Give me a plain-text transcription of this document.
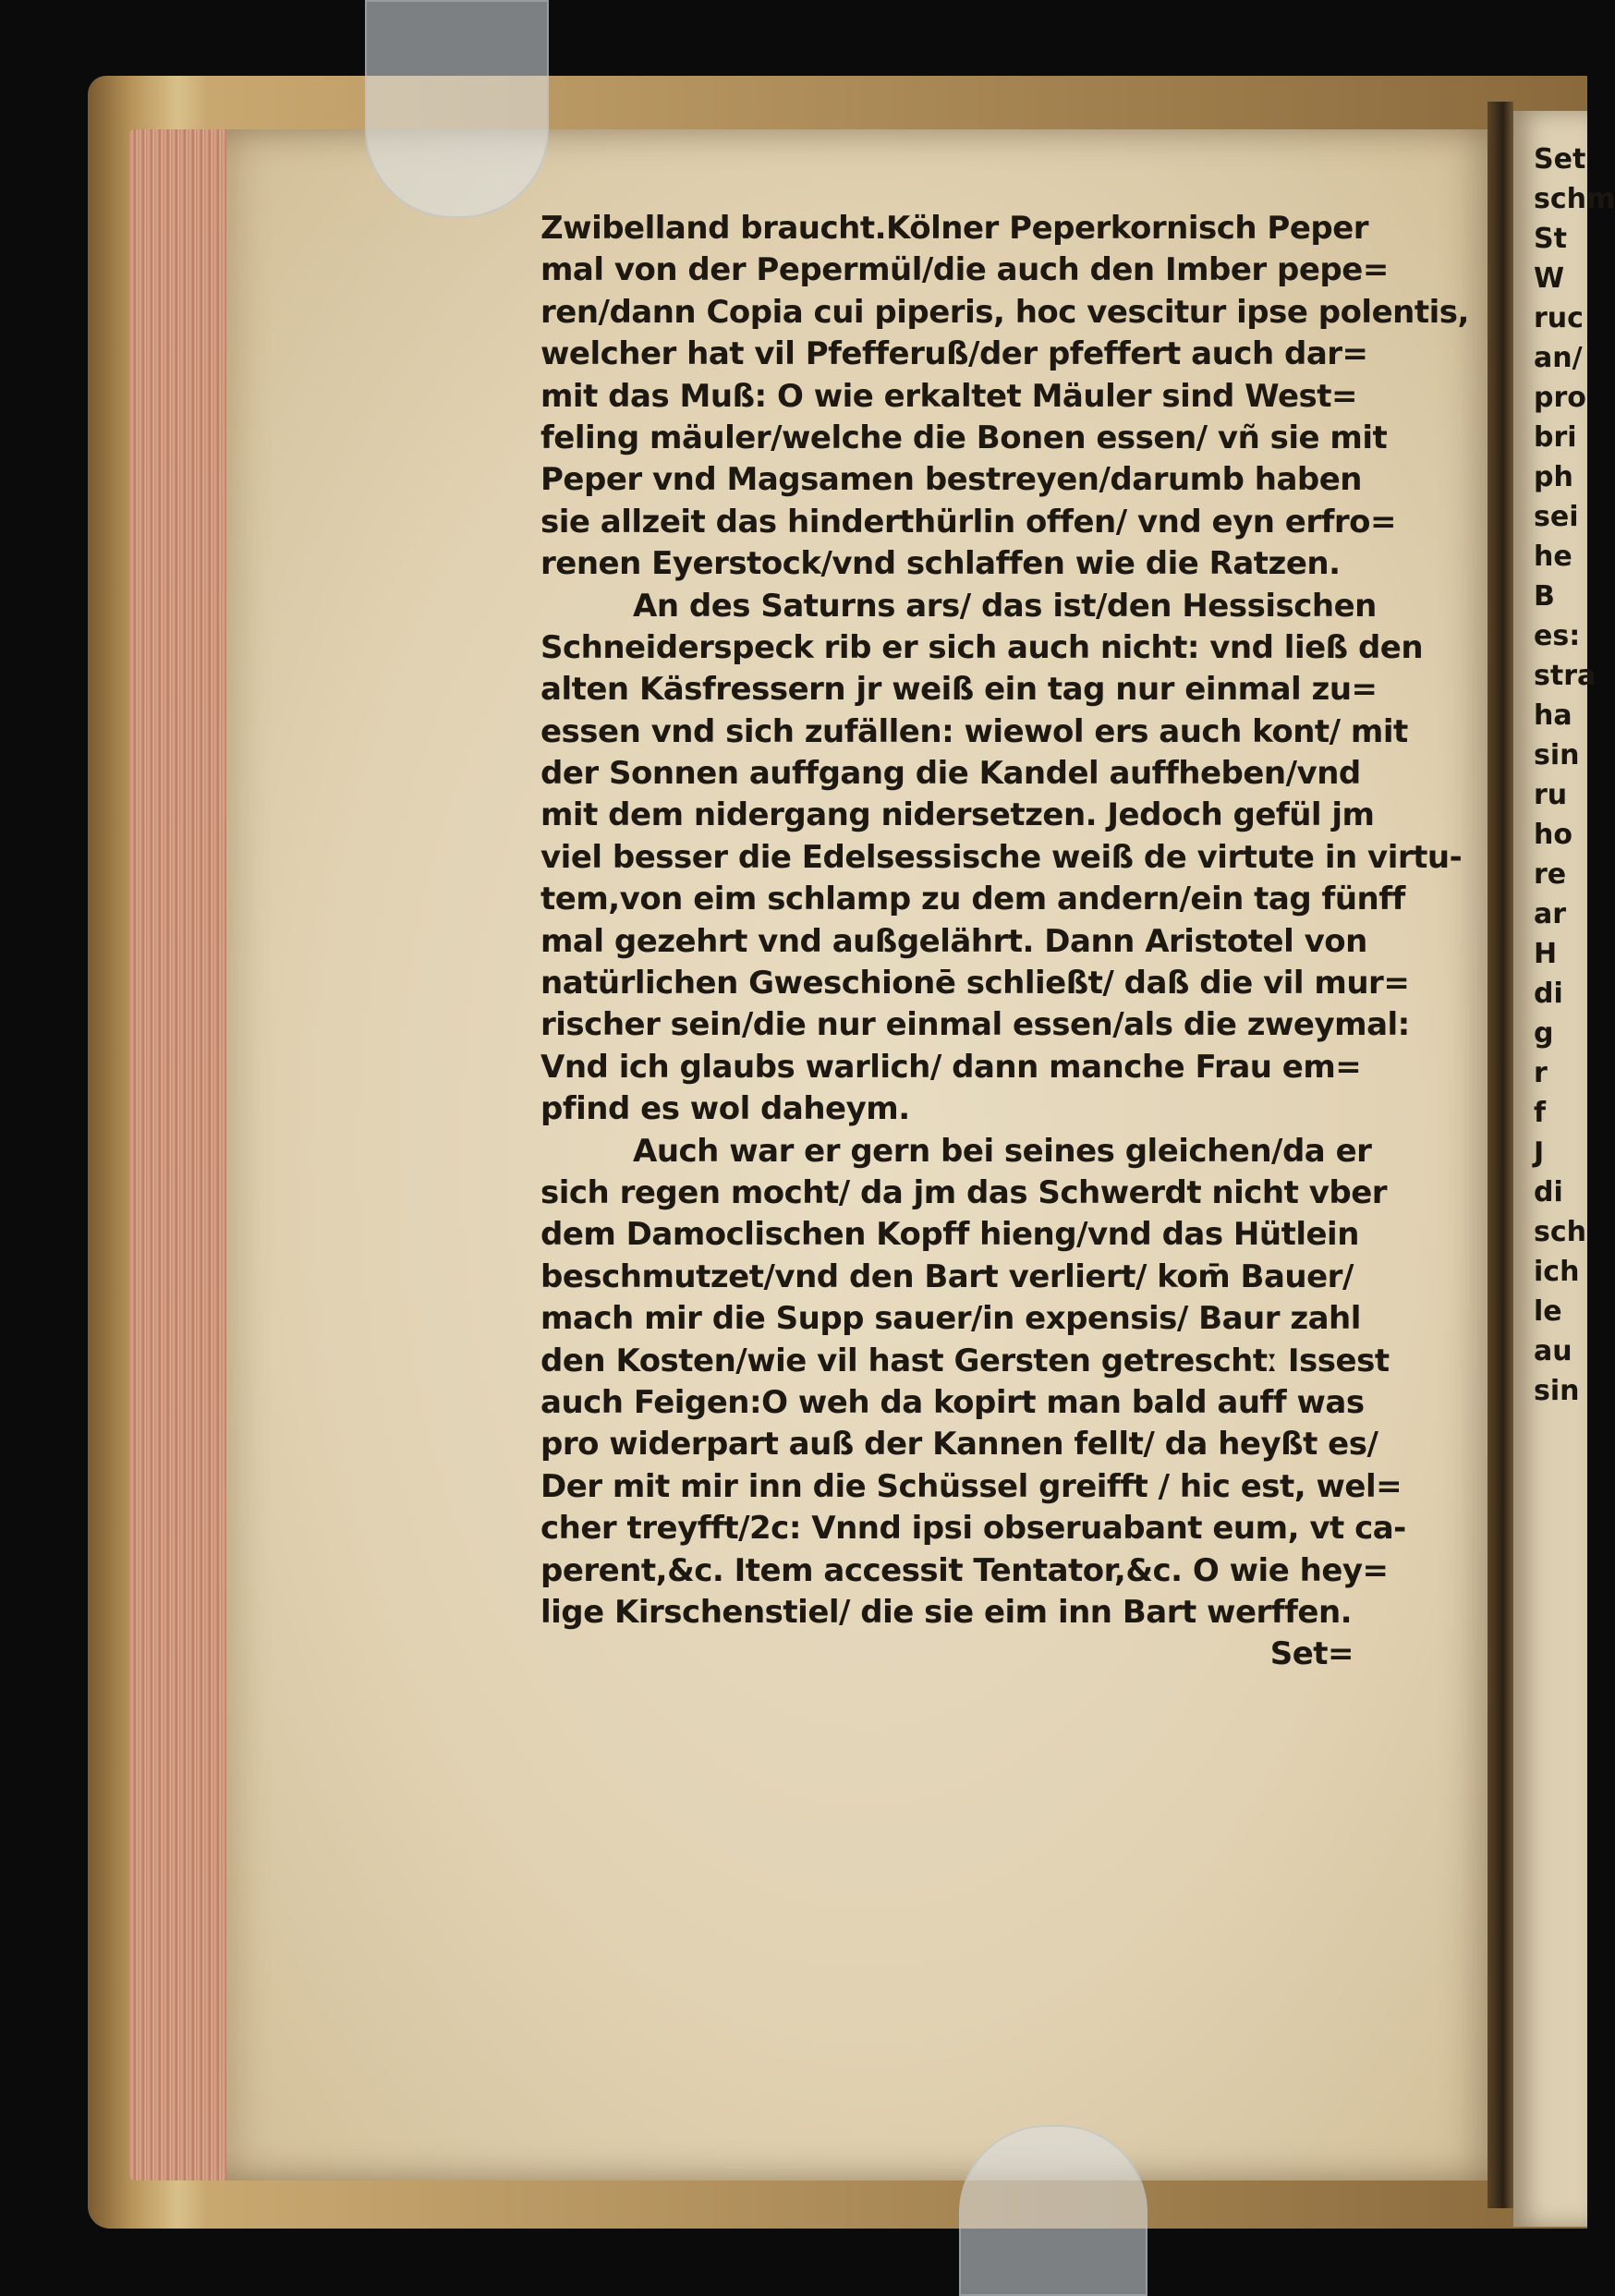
Set
schm
St
W
ruc
an/
pro
bri
ph
sei
he
B
es:
stra
ha
sin
ru
ho
re
ar
H
di
g
r
f
J
di
sch
ich
le
au
sin
Zwibelland braucht.Kölner Peperkornisch Peper
mal von der Pepermül/die auch den Imber pepe=
ren/dann Copia cui piperis, hoc vescitur ipse polentis,
welcher hat vil Pfefferuß/der pfeffert auch dar=
mit das Muß: O wie erkaltet Mäuler sind West=
feling mäuler/welche die Bonen essen/ vñ sie mit
Peper vnd Magsamen bestreyen/darumb haben
sie allzeit das hinderthürlin offen/ vnd eyn erfro=
renen Eyerstock/vnd schlaffen wie die Ratzen.
An des Saturns ars/ das ist/den Hessischen
Schneiderspeck rib er sich auch nicht: vnd ließ den
alten Käsfressern jr weiß ein tag nur einmal zu=
essen vnd sich zufällen: wiewol ers auch kont/ mit
der Sonnen auffgang die Kandel auffheben/vnd
mit dem nidergang nidersetzen. Jedoch gefül jm
viel besser die Edelsessische weiß de virtute in virtu-
tem,von eim schlamp zu dem andern/ein tag fünff
mal gezehrt vnd außgelährt. Dann Aristotel von
natürlichen Gweschionē schließt/ daß die vil mur=
rischer sein/die nur einmal essen/als die zweymal:
Vnd ich glaubs warlich/ dann manche Frau em=
pfind es wol daheym.
Auch war er gern bei seines gleichen/da er
sich regen mocht/ da jm das Schwerdt nicht vber
dem Damoclischen Kopff hieng/vnd das Hütlein
beschmutzet/vnd den Bart verliert/ kom̄ Bauer/
mach mir die Supp sauer/in expensis/ Baur zahl
den Kosten/wie vil hast Gersten getreschtː Issest
auch Feigen:O weh da kopirt man bald auff was
pro widerpart auß der Kannen fellt/ da heyßt es/
Der mit mir inn die Schüssel greifft / hic est, wel=
cher treyfft/2c: Vnnd ipsi obseruabant eum, vt ca-
perent,&c. Item accessit Tentator,&c. O wie hey=
lige Kirschenstiel/ die sie eim inn Bart werffen.
Set=
